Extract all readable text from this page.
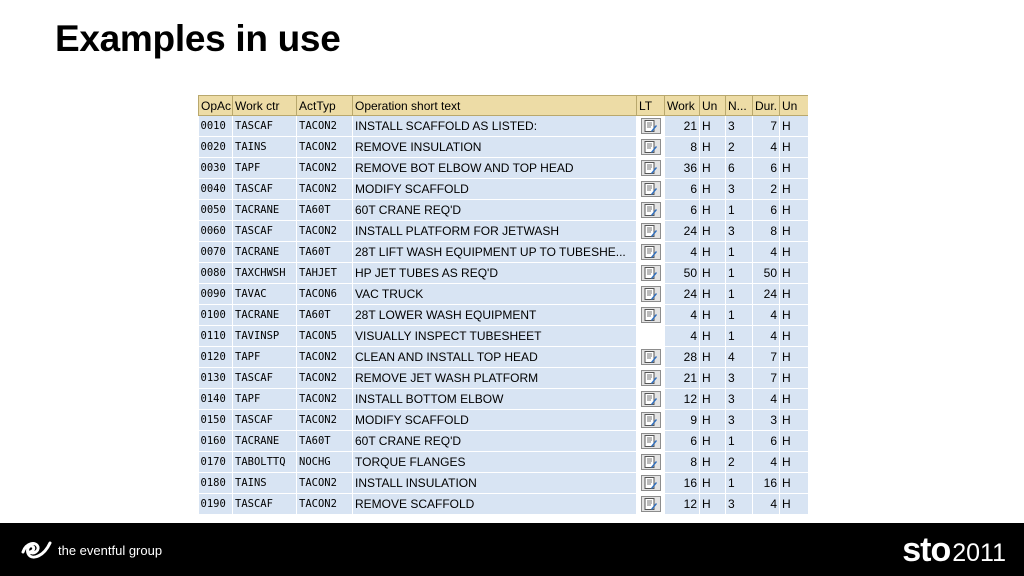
Examples in use
OpAc	Work ctr	ActTyp	Operation short text	LT	Work	Un	N...	Dur.	Un
0010	TASCAF	TACON2	INSTALL SCAFFOLD AS LISTED:		21	H	3	7	H
0020	TAINS	TACON2	REMOVE INSULATION		8	H	2	4	H
0030	TAPF	TACON2	REMOVE BOT ELBOW AND TOP HEAD		36	H	6	6	H
0040	TASCAF	TACON2	MODIFY SCAFFOLD		6	H	3	2	H
0050	TACRANE	TA60T	60T CRANE REQ'D		6	H	1	6	H
0060	TASCAF	TACON2	INSTALL PLATFORM FOR JETWASH		24	H	3	8	H
0070	TACRANE	TA60T	28T LIFT WASH EQUIPMENT UP TO TUBESHE...		4	H	1	4	H
0080	TAXCHWSH	TAHJET	HP JET TUBES AS REQ'D		50	H	1	50	H
0090	TAVAC	TACON6	VAC TRUCK		24	H	1	24	H
0100	TACRANE	TA60T	28T LOWER WASH EQUIPMENT		4	H	1	4	H
0110	TAVINSP	TACON5	VISUALLY INSPECT TUBESHEET		4	H	1	4	H
0120	TAPF	TACON2	CLEAN AND INSTALL TOP HEAD		28	H	4	7	H
0130	TASCAF	TACON2	REMOVE JET WASH PLATFORM		21	H	3	7	H
0140	TAPF	TACON2	INSTALL BOTTOM ELBOW		12	H	3	4	H
0150	TASCAF	TACON2	MODIFY SCAFFOLD		9	H	3	3	H
0160	TACRANE	TA60T	60T CRANE REQ'D		6	H	1	6	H
0170	TABOLTTQ	NOCHG	TORQUE FLANGES		8	H	2	4	H
0180	TAINS	TACON2	INSTALL INSULATION		16	H	1	16	H
0190	TASCAF	TACON2	REMOVE SCAFFOLD		12	H	3	4	H
the eventful group	sto 2011
